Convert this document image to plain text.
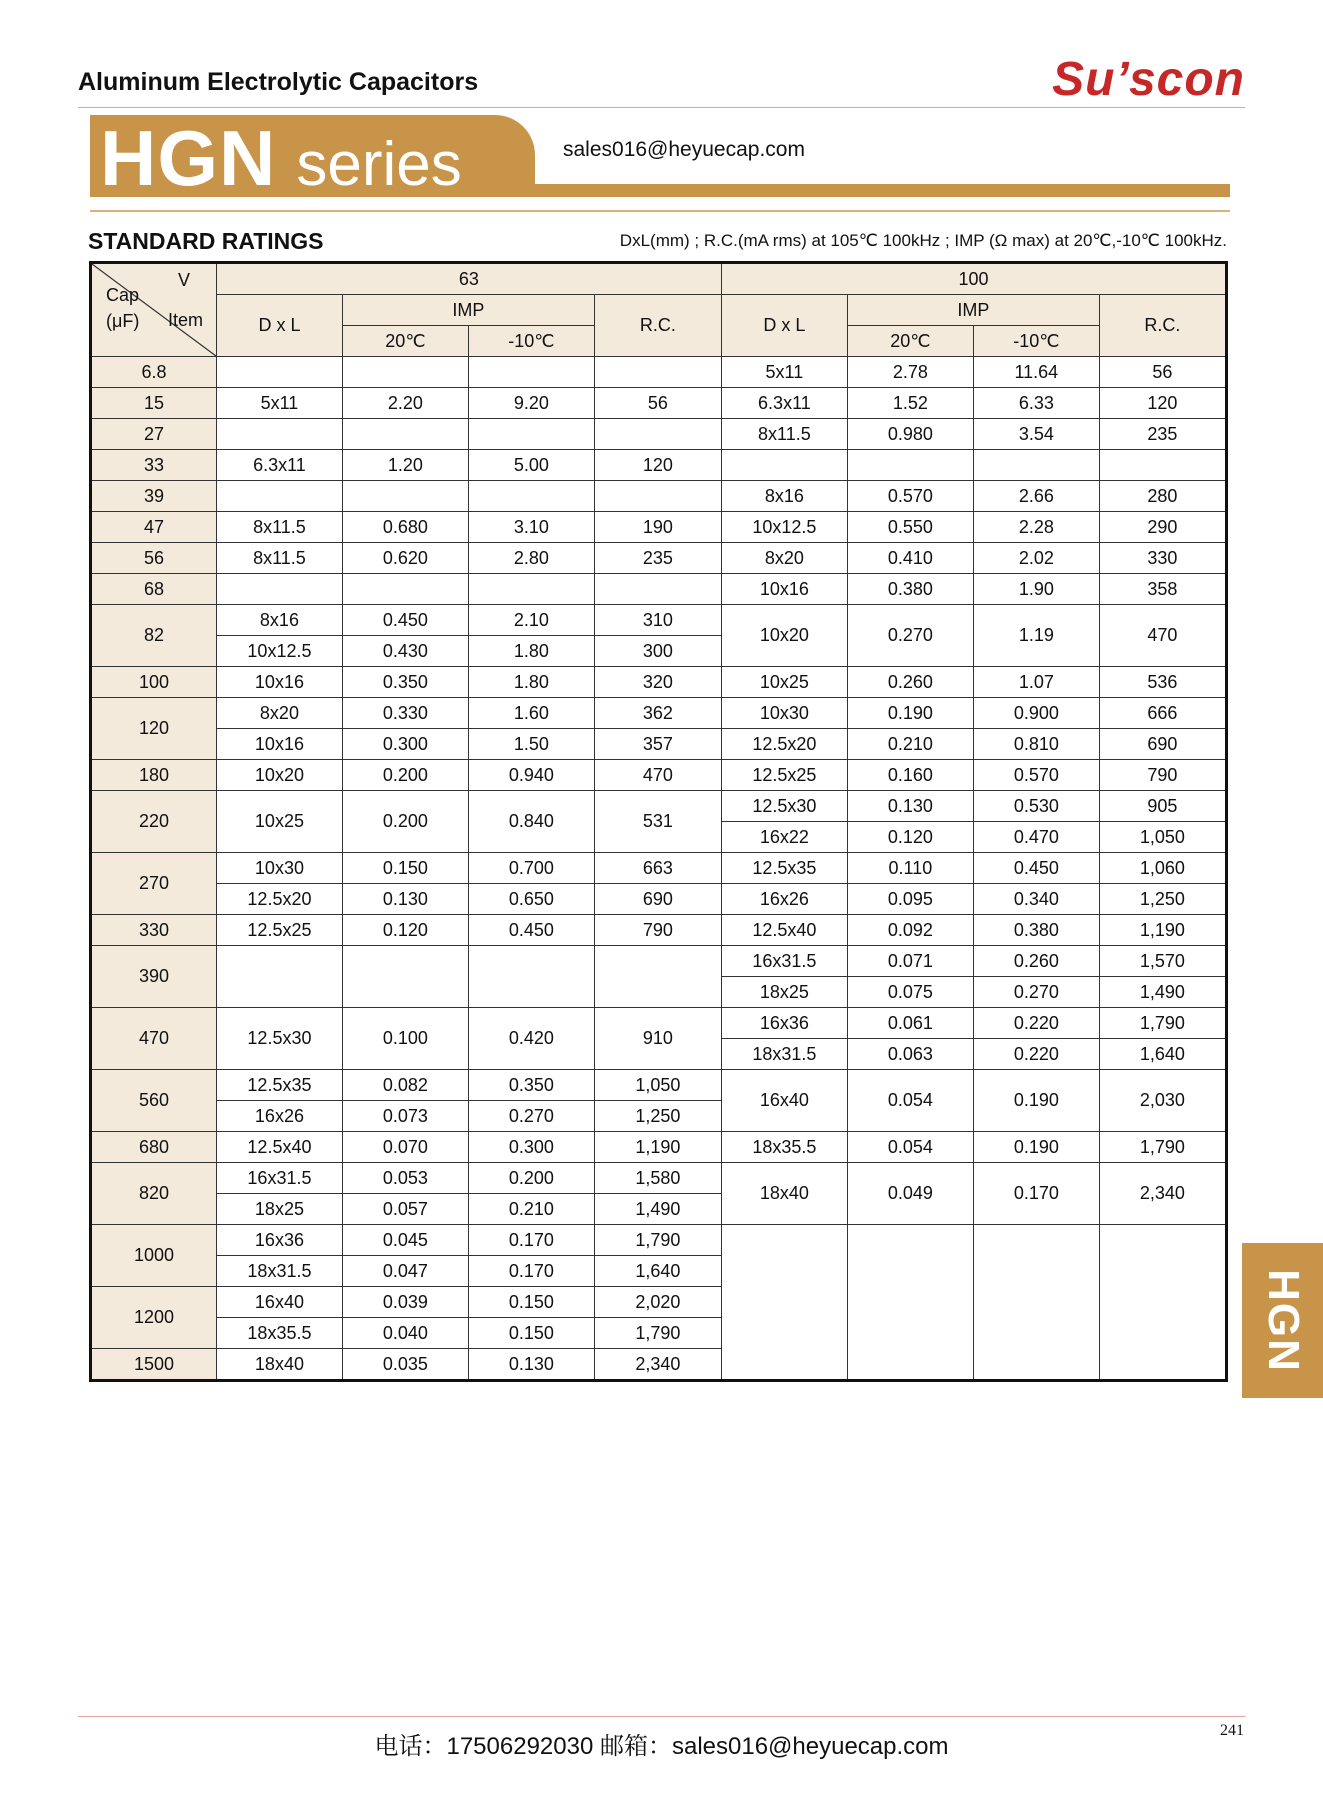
Aluminum Electrolytic Capacitors	Su’scon
HGN series	sales016@heyuecap.com
STANDARD RATINGS	DxL(mm) ; R.C.(mA rms) at 105℃ 100kHz ; IMP (Ω max) at 20℃,-10℃ 100kHz.
V
Cap
(μF) Item	63				100			
	D x L	IMP		R.C.	D x L	IMP		R.C.
		20℃	-10℃			20℃	-10℃	
6.8					5x11	2.78	11.64	56
15	5x11	2.20	9.20	56	6.3x11	1.52	6.33	120
27					8x11.5	0.980	3.54	235
33	6.3x11	1.20	5.00	120				
39					8x16	0.570	2.66	280
47	8x11.5	0.680	3.10	190	10x12.5	0.550	2.28	290
56	8x11.5	0.620	2.80	235	8x20	0.410	2.02	330
68					10x16	0.380	1.90	358
82	8x16	0.450	2.10	310	10x20	0.270	1.19	470
	10x12.5	0.430	1.80	300				
100	10x16	0.350	1.80	320	10x25	0.260	1.07	536
120	8x20	0.330	1.60	362	10x30	0.190	0.900	666
	10x16	0.300	1.50	357	12.5x20	0.210	0.810	690
180	10x20	0.200	0.940	470	12.5x25	0.160	0.570	790
220	10x25	0.200	0.840	531	12.5x30	0.130	0.530	905
					16x22	0.120	0.470	1,050
270	10x30	0.150	0.700	663	12.5x35	0.110	0.450	1,060
	12.5x20	0.130	0.650	690	16x26	0.095	0.340	1,250
330	12.5x25	0.120	0.450	790	12.5x40	0.092	0.380	1,190
390					16x31.5	0.071	0.260	1,570
					18x25	0.075	0.270	1,490
470	12.5x30	0.100	0.420	910	16x36	0.061	0.220	1,790
					18x31.5	0.063	0.220	1,640
560	12.5x35	0.082	0.350	1,050	16x40	0.054	0.190	2,030
	16x26	0.073	0.270	1,250				
680	12.5x40	0.070	0.300	1,190	18x35.5	0.054	0.190	1,790
820	16x31.5	0.053	0.200	1,580	18x40	0.049	0.170	2,340
	18x25	0.057	0.210	1,490				
1000	16x36	0.045	0.170	1,790				
	18x31.5	0.047	0.170	1,640				
1200	16x40	0.039	0.150	2,020				
	18x35.5	0.040	0.150	1,790				
1500	18x40	0.035	0.130	2,340					HGN
电话：17506292030 邮箱：sales016@heyuecap.com
241
